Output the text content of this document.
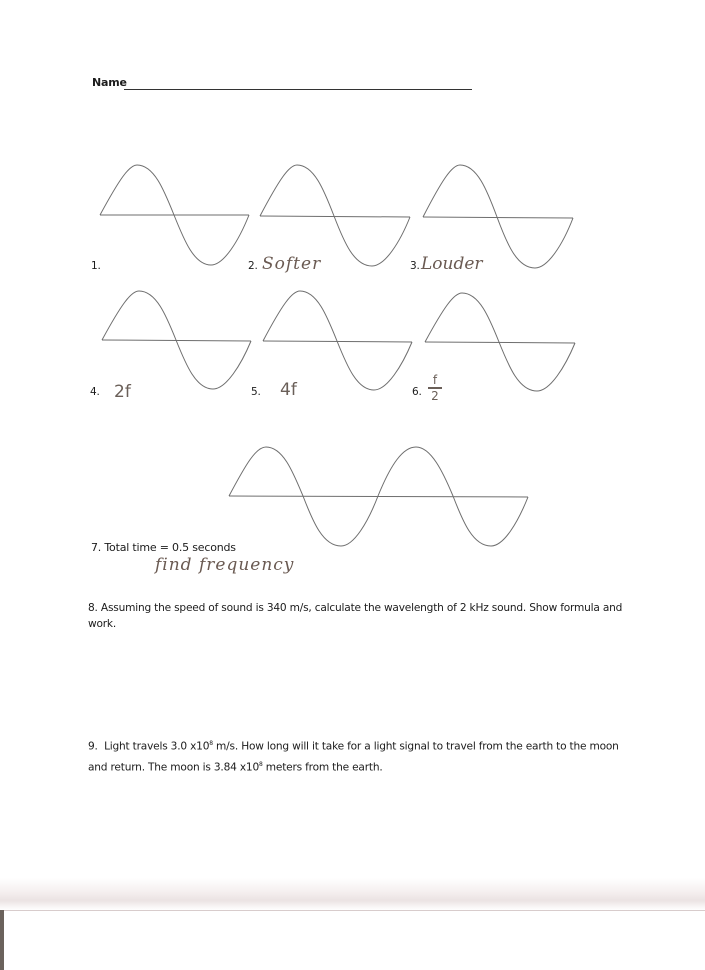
Name
1.	2. Softer	3. Louder
4. 2f	5. 4f	6.
f
2
7. Total time = 0.5 seconds
find frequency
8. Assuming the speed of sound is 340 m/s, calculate the wavelength of 2 kHz sound. Show formula and
work.
9. Light travels 3.0 $x10^8$ m/s. How long will it take for a light signal to travel from the earth to the moon
and return. The moon is 3.84 $x10^8$ meters from the earth.
